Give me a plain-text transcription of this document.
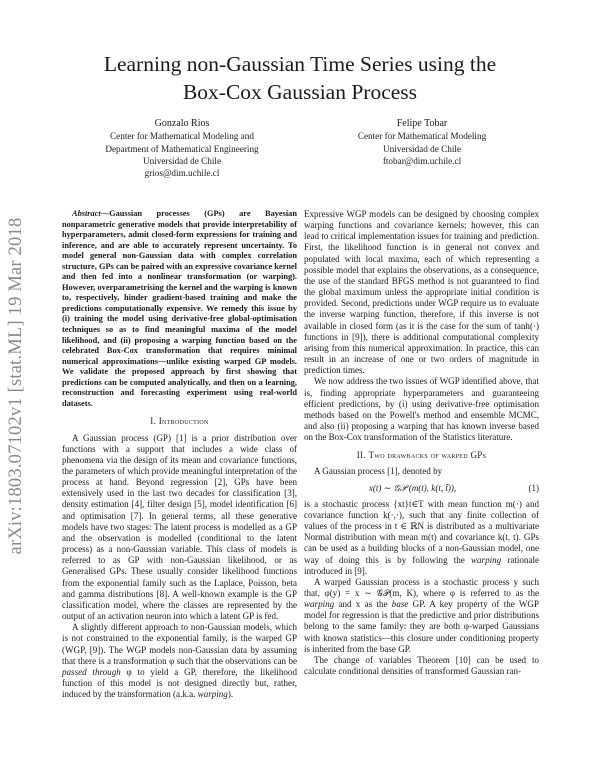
Learning non-Gaussian Time Series using the
Box-Cox Gaussian Process
Gonzalo Rios
Center for Mathematical Modeling and
Department of Mathematical Engineering
Universidad de Chile
grios@dim.uchile.cl
Felipe Tobar
Center for Mathematical Modeling
Universidad de Chile
ftobar@dim.uchile.cl
arXiv:1803.07102v1 [stat.ML] 19 Mar 2018

Abstract—Gaussian processes (GPs) are Bayesian nonparametric generative models that provide interpretability of hyperparameters, admit closed-form expressions for training and inference, and are able to accurately represent uncertainty. To model general non-Gaussian data with complex correlation structure, GPs can be paired with an expressive covariance kernel and then fed into a nonlinear transformation (or warping). However, overparametrising the kernel and the warping is known to, respectively, hinder gradient-based training and make the predictions computationally expensive. We remedy this issue by (i) training the model using derivative-free global-optimisation techniques so as to find meaningful maxima of the model likelihood, and (ii) proposing a warping function based on the celebrated Box-Cox transformation that requires minimal numerical approximations—unlike existing warped GP models. We validate the proposed approach by first showing that predictions can be computed analytically, and then on a learning, reconstruction and forecasting experiment using real-world datasets.

I. Introduction

A Gaussian process (GP) [1] is a prior distribution over functions with a support that includes a wide class of phenomena via the design of its mean and covariance functions, the parameters of which provide meaningful interpretation of the process at hand. Beyond regression [2], GPs have been extensively used in the last two decades for classification [3], density estimation [4], filter design [5], model identification [6] and optimisation [7]. In general terms, all these generative models have two stages: The latent process is modelled as a GP and the observation is modelled (conditional to the latent process) as a non-Gaussian variable. This class of models is referred to as GP with non-Gaussian likelihood, or as Generalised GPs. These usually consider likelihood functions from the exponential family such as the Laplace, Poisson, beta and gamma distributions [8]. A well-known example is the GP classification model, where the classes are represented by the output of an activation neuron into which a latent GP is fed.

A slightly different approach to non-Gaussian models, which is not constrained to the exponential family, is the warped GP (WGP, [9]). The WGP models non-Gaussian data by assuming that there is a transformation φ such that the observations can be passed through φ to yield a GP, therefore, the likelihood function of this model is not designed directly but, rather, induced by the transformation (a.k.a. warping).

Expressive WGP models can be designed by choosing complex warping functions and covariance kernels; however, this can lead to critical implementation issues for training and prediction. First, the likelihood function is in general not convex and populated with local maxima, each of which representing a possible model that explains the observations, as a consequence, the use of the standard BFGS method is not guaranteed to find the global maximum unless the appropriate initial condition is provided. Second, predictions under WGP require us to evaluate the inverse warping function, therefore, if this inverse is not available in closed form (as it is the case for the sum of tanh(·) functions in [9]), there is additional computational complexity arising from this numerical approximation. In practice, this can result in an increase of one or two orders of magnitude in prediction times.

We now address the two issues of WGP identified above, that is, finding appropriate hyperparameters and guaranteeing efficient predictions, by (i) using derivative-free optimisation methods based on the Powell's method and ensemble MCMC, and also (ii) proposing a warping that has known inverse based on the Box-Cox transformation of the Statistics literature.

II. Two drawbacks of warped GPs

A Gaussian process [1], denoted by

x(t) ∼ 𝒢𝒫 (m(t), k(t, t̃)),	(1)

is a stochastic process {xt}t∈T with mean function m(·) and covariance function k(·,·), such that any finite collection of values of the process in t ∈ ℝN is distributed as a multivariate Normal distribution with mean m(t) and covariance k(t, t). GPs can be used as a building blocks of a non-Gaussian model, one way of doing this is by following the warping rationale introduced in [9].

A warped Gaussian process is a stochastic process y such that, φ(y) = x ∼ 𝒢𝒫(m, K), where φ is referred to as the warping and x as the base GP. A key property of the WGP model for regression is that the predictive and prior distributions belong to the same family: they are both φ-warped Gaussians with known statistics—this closure under conditioning property is inherited from the base GP.

The change of variables Theorem [10] can be used to calculate conditional densities of transformed Gaussian ran-
